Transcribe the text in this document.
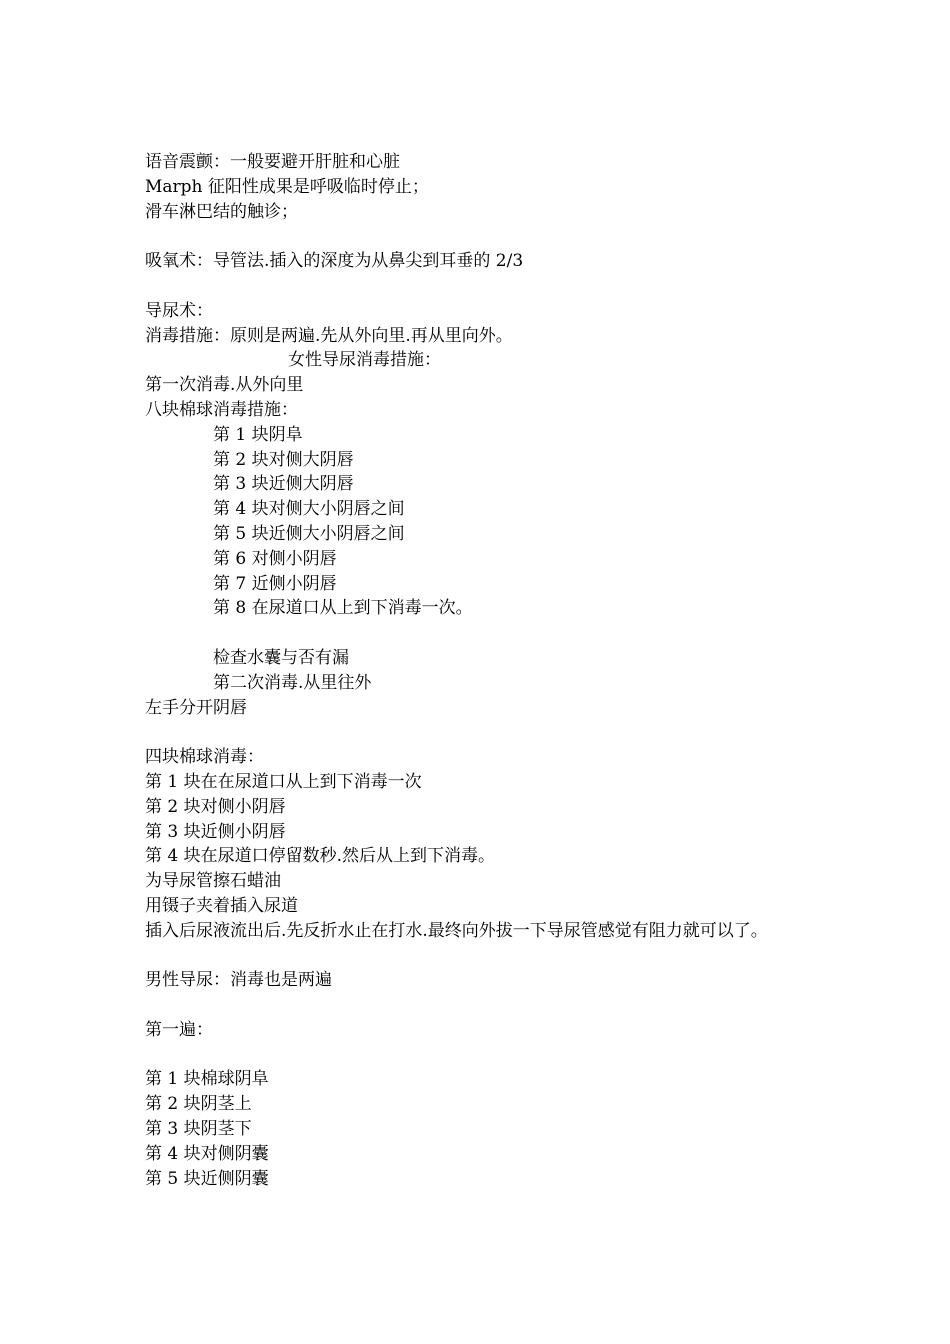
语音震颤：一般要避开肝脏和心脏
Marph 征阳性成果是呼吸临时停止；
滑车淋巴结的触诊；
吸氧术：导管法.插入的深度为从鼻尖到耳垂的 2/3
导尿术：
消毒措施：原则是两遍.先从外向里.再从里向外。
女性导尿消毒措施：
第一次消毒.从外向里
八块棉球消毒措施：
第 1 块阴阜
第 2 块对侧大阴唇
第 3 块近侧大阴唇
第 4 块对侧大小阴唇之间
第 5 块近侧大小阴唇之间
第 6 对侧小阴唇
第 7 近侧小阴唇
第 8 在尿道口从上到下消毒一次。
检查水囊与否有漏
第二次消毒.从里往外
左手分开阴唇
四块棉球消毒：
第 1 块在在尿道口从上到下消毒一次
第 2 块对侧小阴唇
第 3 块近侧小阴唇
第 4 块在尿道口停留数秒.然后从上到下消毒。
为导尿管擦石蜡油
用镊子夹着插入尿道
插入后尿液流出后.先反折水止在打水.最终向外拔一下导尿管感觉有阻力就可以了。
男性导尿：消毒也是两遍
第一遍：
第 1 块棉球阴阜
第 2 块阴茎上
第 3 块阴茎下
第 4 块对侧阴囊
第 5 块近侧阴囊
